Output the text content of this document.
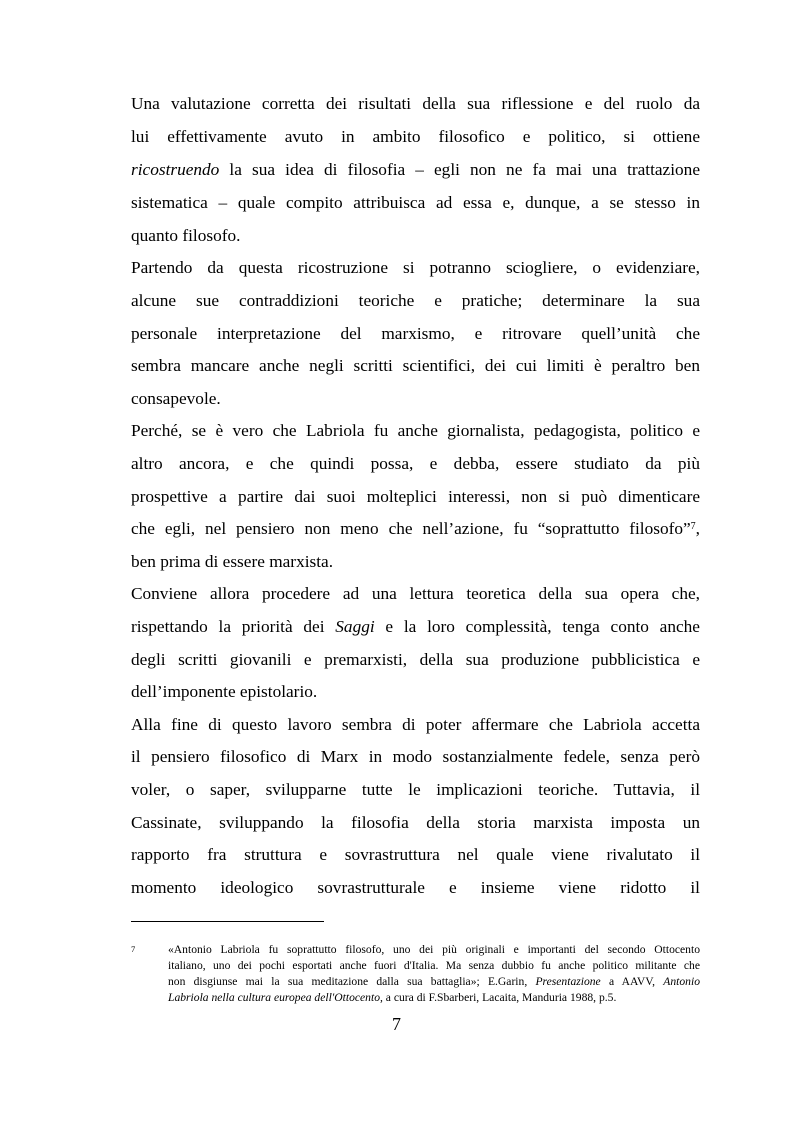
Una valutazione corretta dei risultati della sua riflessione e del ruolo da
lui effettivamente avuto in ambito filosofico e politico, si ottiene
ricostruendo la sua idea di filosofia – egli non ne fa mai una trattazione
sistematica – quale compito attribuisca ad essa e, dunque, a se stesso in
quanto filosofo.
Partendo da questa ricostruzione si potranno sciogliere, o evidenziare,
alcune sue contraddizioni teoriche e pratiche; determinare la sua
personale interpretazione del marxismo, e ritrovare quell’unità che
sembra mancare anche negli scritti scientifici, dei cui limiti è peraltro ben
consapevole.
Perché, se è vero che Labriola fu anche giornalista, pedagogista, politico e
altro ancora, e che quindi possa, e debba, essere studiato da più
prospettive a partire dai suoi molteplici interessi, non si può dimenticare
che egli, nel pensiero non meno che nell’azione, fu “soprattutto filosofo”$^7$,
ben prima di essere marxista.
Conviene allora procedere ad una lettura teoretica della sua opera che,
rispettando la priorità dei Saggi e la loro complessità, tenga conto anche
degli scritti giovanili e premarxisti, della sua produzione pubblicistica e
dell’imponente epistolario.
Alla fine di questo lavoro sembra di poter affermare che Labriola accetta
il pensiero filosofico di Marx in modo sostanzialmente fedele, senza però
voler, o saper, svilupparne tutte le implicazioni teoriche. Tuttavia, il
Cassinate, sviluppando la filosofia della storia marxista imposta un
rapporto fra struttura e sovrastruttura nel quale viene rivalutato il
momento ideologico sovrastrutturale e insieme viene ridotto il
7	«Antonio Labriola fu soprattutto filosofo, uno dei più originali e importanti del secondo Ottocento
italiano, uno dei pochi esportati anche fuori d'Italia. Ma senza dubbio fu anche politico militante che
non disgiunse mai la sua meditazione dalla sua battaglia»; E.Garin, Presentazione a AAVV, Antonio
Labriola nella cultura europea dell'Ottocento, a cura di F.Sbarberi, Lacaita, Manduria 1988, p.5.
7
